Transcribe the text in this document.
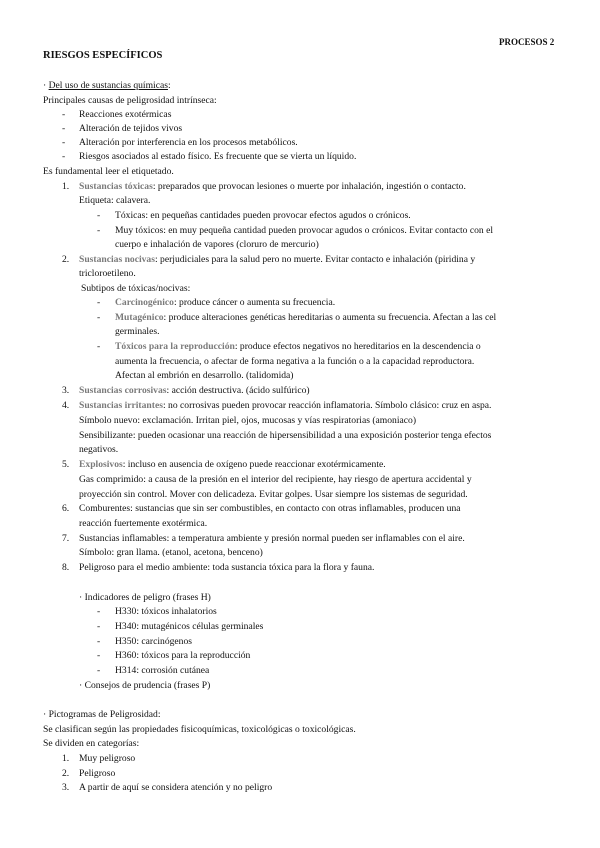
PROCESOS 2
RIESGOS ESPECÍFICOS
· Del uso de sustancias químicas:
Principales causas de peligrosidad intrínseca:
- Reacciones exotérmicas
- Alteración de tejidos vivos
- Alteración por interferencia en los procesos metabólicos.
- Riesgos asociados al estado físico. Es frecuente que se vierta un líquido.
Es fundamental leer el etiquetado.
1. Sustancias tóxicas: preparados que provocan lesiones o muerte por inhalación, ingestión o contacto.
Etiqueta: calavera.
- Tóxicas: en pequeñas cantidades pueden provocar efectos agudos o crónicos.
- Muy tóxicos: en muy pequeña cantidad pueden provocar agudos o crónicos. Evitar contacto con el
cuerpo e inhalación de vapores (cloruro de mercurio)
2. Sustancias nocivas: perjudiciales para la salud pero no muerte. Evitar contacto e inhalación (piridina y
tricloroetileno.
Subtipos de tóxicas/nocivas:
- Carcinogénico: produce cáncer o aumenta su frecuencia.
- Mutagénico: produce alteraciones genéticas hereditarias o aumenta su frecuencia. Afectan a las cel
germinales.
- Tóxicos para la reproducción: produce efectos negativos no hereditarios en la descendencia o
aumenta la frecuencia, o afectar de forma negativa a la función o a la capacidad reproductora.
Afectan al embrión en desarrollo. (talidomida)
3. Sustancias corrosivas: acción destructiva. (ácido sulfúrico)
4. Sustancias irritantes: no corrosivas pueden provocar reacción inflamatoria. Símbolo clásico: cruz en aspa.
Símbolo nuevo: exclamación. Irritan piel, ojos, mucosas y vías respiratorias (amoniaco)
Sensibilizante: pueden ocasionar una reacción de hipersensibilidad a una exposición posterior tenga efectos
negativos.
5. Explosivos: incluso en ausencia de oxígeno puede reaccionar exotérmicamente.
Gas comprimido: a causa de la presión en el interior del recipiente, hay riesgo de apertura accidental y
proyección sin control. Mover con delicadeza. Evitar golpes. Usar siempre los sistemas de seguridad.
6. Comburentes: sustancias que sin ser combustibles, en contacto con otras inflamables, producen una
reacción fuertemente exotérmica.
7. Sustancias inflamables: a temperatura ambiente y presión normal pueden ser inflamables con el aire.
Símbolo: gran llama. (etanol, acetona, benceno)
8. Peligroso para el medio ambiente: toda sustancia tóxica para la flora y fauna.
· Indicadores de peligro (frases H)
- H330: tóxicos inhalatorios
- H340: mutagénicos células germinales
- H350: carcinógenos
- H360: tóxicos para la reproducción
- H314: corrosión cutánea
· Consejos de prudencia (frases P)
· Pictogramas de Peligrosidad:
Se clasifican según las propiedades fisicoquímicas, toxicológicas o toxicológicas.
Se dividen en categorías:
1. Muy peligroso
2. Peligroso
3. A partir de aquí se considera atención y no peligro
